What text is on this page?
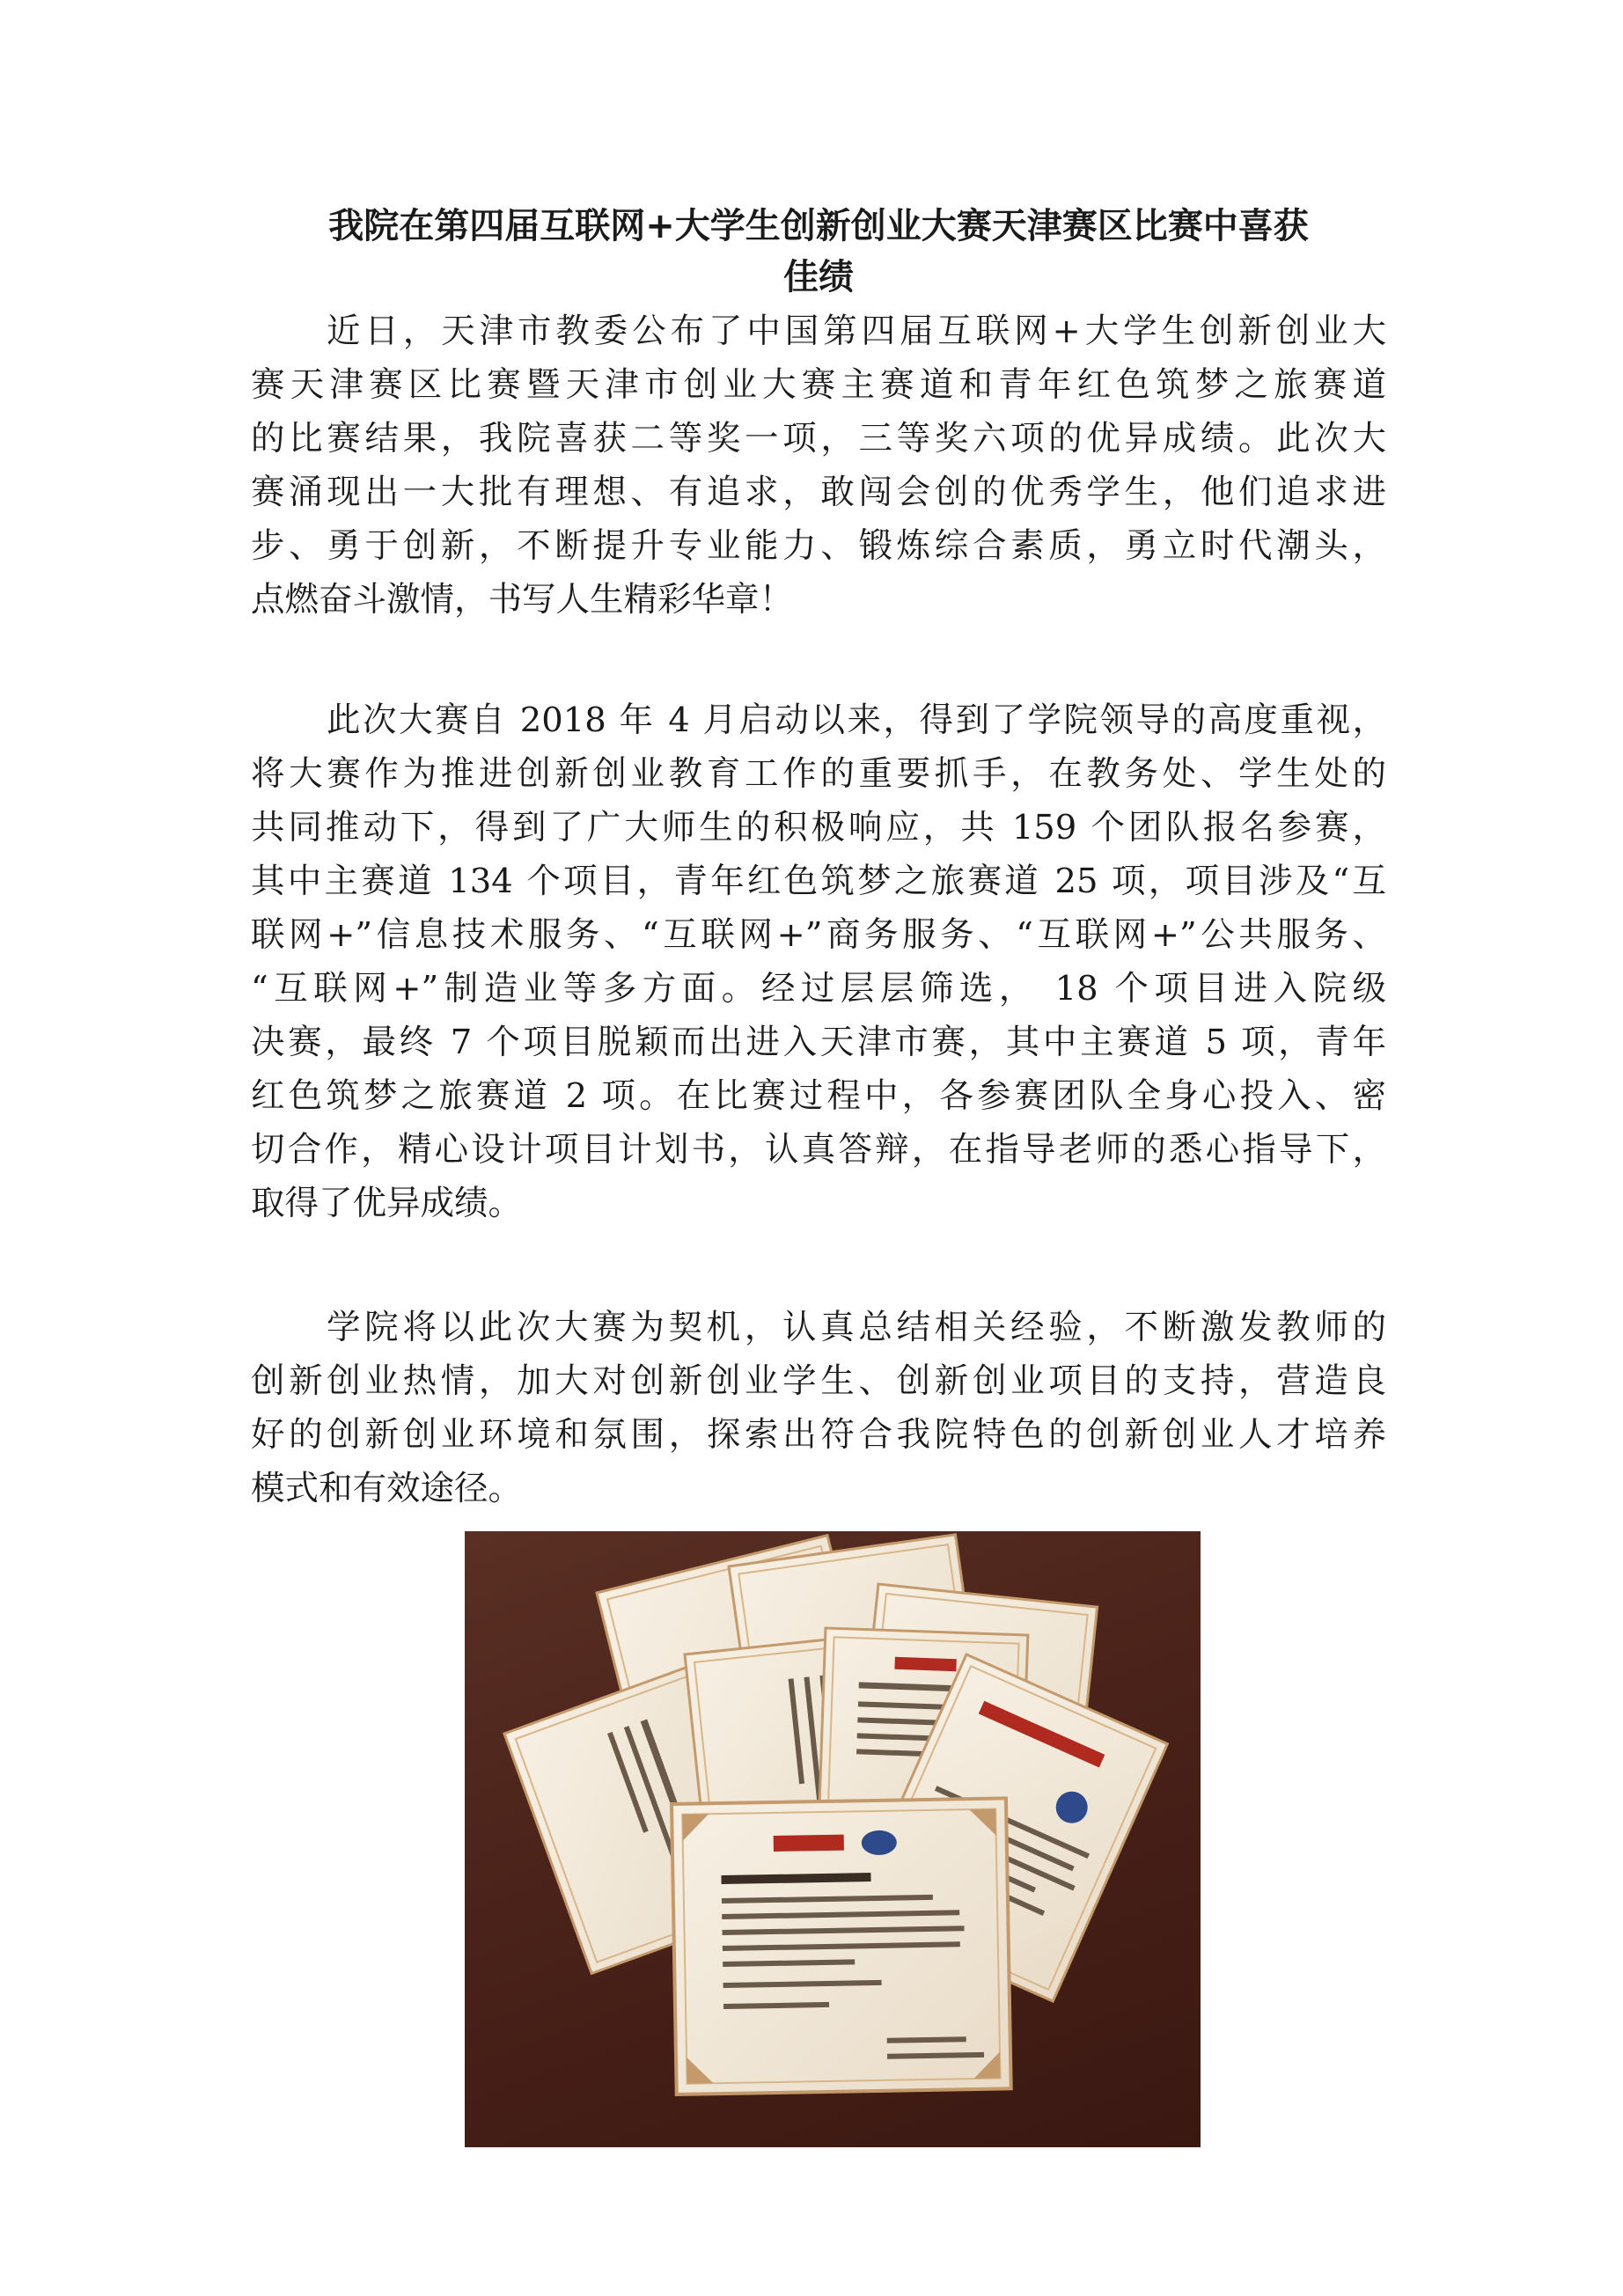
我院在第四届互联网+大学生创新创业大赛天津赛区比赛中喜获
佳绩
近日，天津市教委公布了中国第四届互联网+大学生创新创业大
赛天津赛区比赛暨天津市创业大赛主赛道和青年红色筑梦之旅赛道
的比赛结果，我院喜获二等奖一项，三等奖六项的优异成绩。此次大
赛涌现出一大批有理想、有追求，敢闯会创的优秀学生，他们追求进
步、勇于创新，不断提升专业能力、锻炼综合素质，勇立时代潮头，
点燃奋斗激情，书写人生精彩华章！
此次大赛自 2018 年 4 月启动以来，得到了学院领导的高度重视，
将大赛作为推进创新创业教育工作的重要抓手，在教务处、学生处的
共同推动下，得到了广大师生的积极响应，共 159 个团队报名参赛，
其中主赛道 134 个项目，青年红色筑梦之旅赛道 25 项，项目涉及“互
联网+”信息技术服务、“互联网+”商务服务、“互联网+”公共服务、
“互联网+”制造业等多方面。经过层层筛选， 18 个项目进入院级
决赛，最终 7 个项目脱颖而出进入天津市赛，其中主赛道 5 项，青年
红色筑梦之旅赛道 2 项。在比赛过程中，各参赛团队全身心投入、密
切合作，精心设计项目计划书，认真答辩，在指导老师的悉心指导下，
取得了优异成绩。
学院将以此次大赛为契机，认真总结相关经验，不断激发教师的
创新创业热情，加大对创新创业学生、创新创业项目的支持，营造良
好的创新创业环境和氛围，探索出符合我院特色的创新创业人才培养
模式和有效途径。
